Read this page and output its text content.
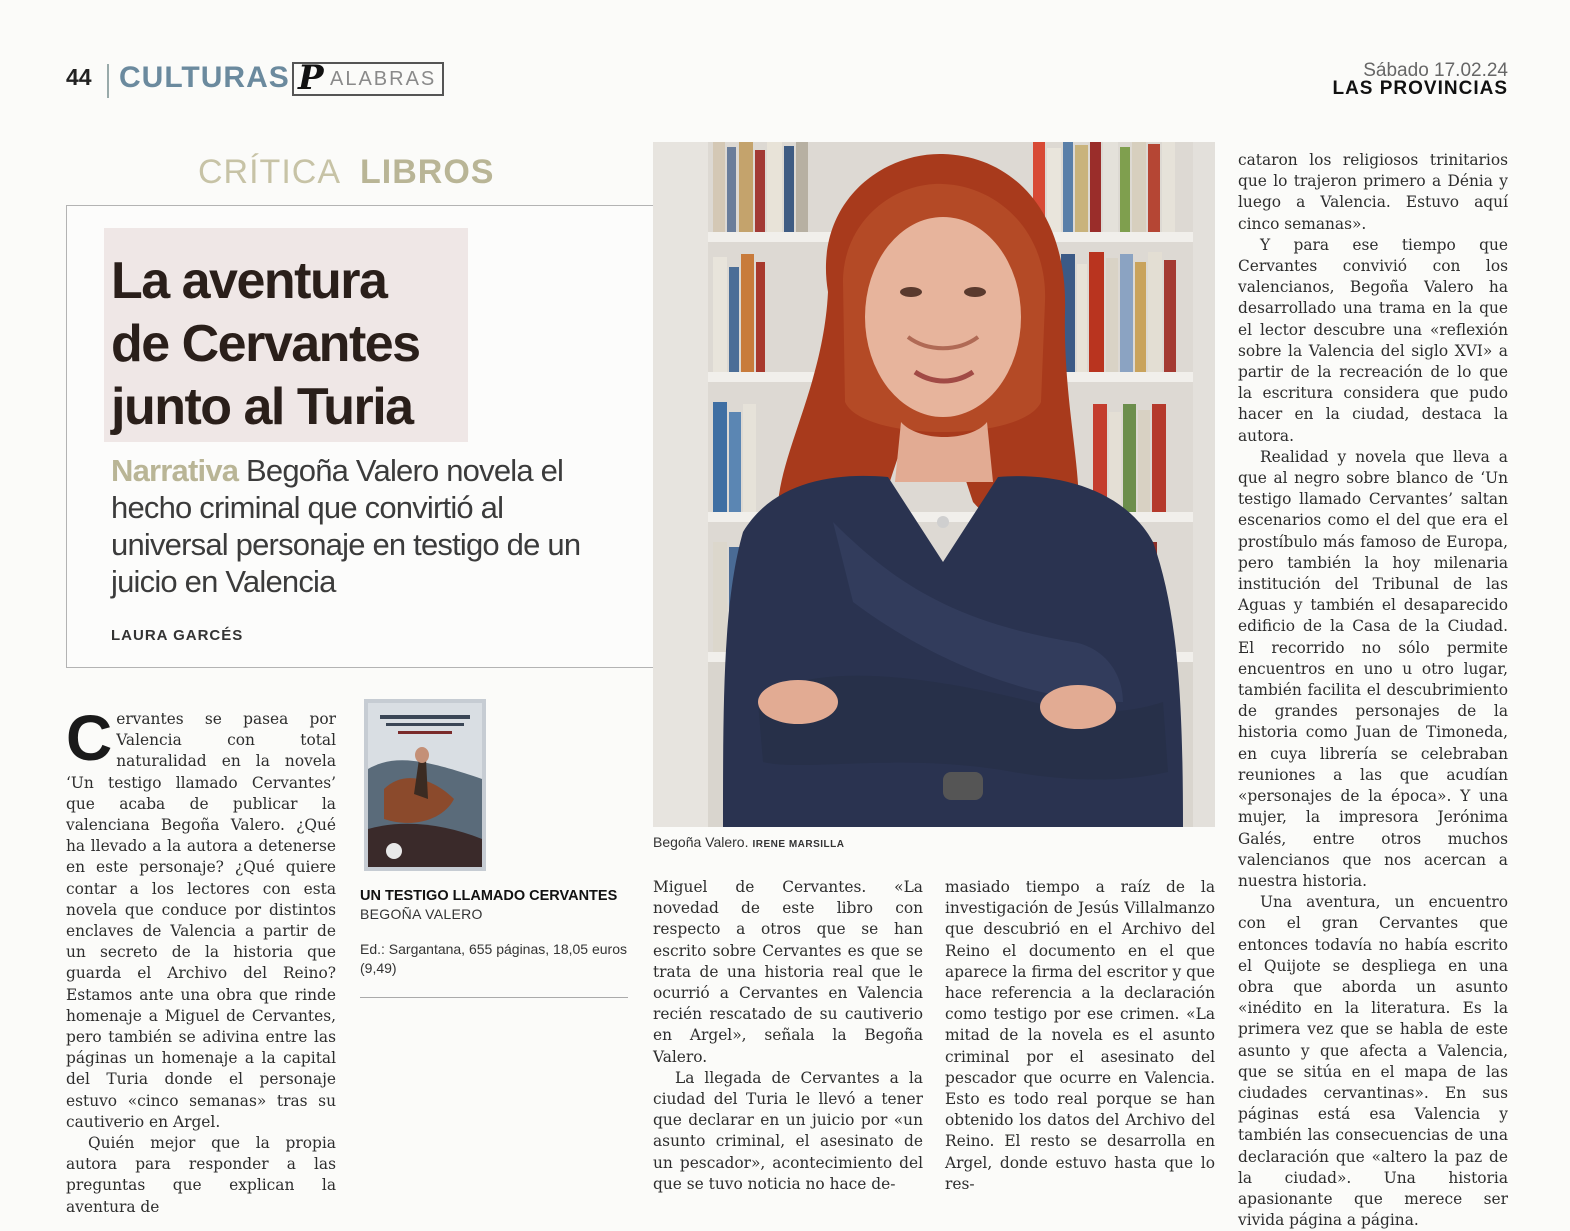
44 CULTURAS P ALABRAS	Sábado 17.02.24
LAS PROVINCIAS
CRÍTICA LIBROS
La aventura
de Cervantes
junto al Turia

Narrativa Begoña Valero novela el hecho criminal que convirtió al universal personaje en testigo de un juicio en Valencia

LAURA GARCÉS
Begoña Valero. IRENE MARSILLA

Cervantes se pasea por Valencia con total naturalidad en la novela ‘Un testigo llamado Cervantes’ que acaba de publicar la valenciana Begoña Valero. ¿Qué ha llevado a la autora a detenerse en este personaje? ¿Qué quiere contar a los lectores con esta novela que conduce por distintos enclaves de Valencia a partir de un secreto de la historia que guarda el Archivo del Reino? Estamos ante una obra que rinde homenaje a Miguel de Cervantes, pero también se adivina entre las páginas un homenaje a la capital del Turia donde el personaje estuvo «cinco semanas» tras su cautiverio en Argel.

Quién mejor que la propia autora para responder a las preguntas que explican la aventura de

UN TESTIGO LLAMADO CERVANTES
BEGOÑA VALERO

Ed.: Sargantana, 655 páginas, 18,05 euros (9,49)

Miguel de Cervantes. «La novedad de este libro con respecto a otros que se han escrito sobre Cervantes es que se trata de una historia real que le ocurrió a Cervantes en Valencia recién rescatado de su cautiverio en Argel», señala la Begoña Valero.

La llegada de Cervantes a la ciudad del Turia le llevó a tener que declarar en un juicio por «un asunto criminal, el asesinato de un pescador», acontecimiento del que se tuvo noticia no hace de-

masiado tiempo a raíz de la investigación de Jesús Villalmanzo que descubrió en el Archivo del Reino el documento en el que aparece la firma del escritor y que hace referencia a la declaración como testigo por ese crimen. «La mitad de la novela es el asunto criminal por el asesinato del pescador que ocurre en Valencia. Esto es todo real porque se han obtenido los datos del Archivo del Reino. El resto se desarrolla en Argel, donde estuvo hasta que lo res-

cataron los religiosos trinitarios que lo trajeron primero a Dénia y luego a Valencia. Estuvo aquí cinco semanas».

Y para ese tiempo que Cervantes convivió con los valencianos, Begoña Valero ha desarrollado una trama en la que el lector descubre una «reflexión sobre la Valencia del siglo XVI» a partir de la recreación de lo que la escritura considera que pudo hacer en la ciudad, destaca la autora.

Realidad y novela que lleva a que al negro sobre blanco de ‘Un testigo llamado Cervantes’ saltan escenarios como el del que era el prostíbulo más famoso de Europa, pero también la hoy milenaria institución del Tribunal de las Aguas y también el desaparecido edificio de la Casa de la Ciudad. El recorrido no sólo permite encuentros en uno u otro lugar, también facilita el descubrimiento de grandes personajes de la historia como Juan de Timoneda, en cuya librería se celebraban reuniones a las que acudían «personajes de la época». Y una mujer, la impresora Jerónima Galés, entre otros muchos valencianos que nos acercan a nuestra historia.

Una aventura, un encuentro con el gran Cervantes que entonces todavía no había escrito el Quijote se despliega en una obra que aborda un asunto «inédito en la literatura. Es la primera vez que se habla de este asunto y que afecta a Valencia, que se sitúa en el mapa de las ciudades cervantinas». En sus páginas está esa Valencia y también las consecuencias de una declaración que «altero la paz de la ciudad». Una historia apasionante que merece ser vivida página a página.
